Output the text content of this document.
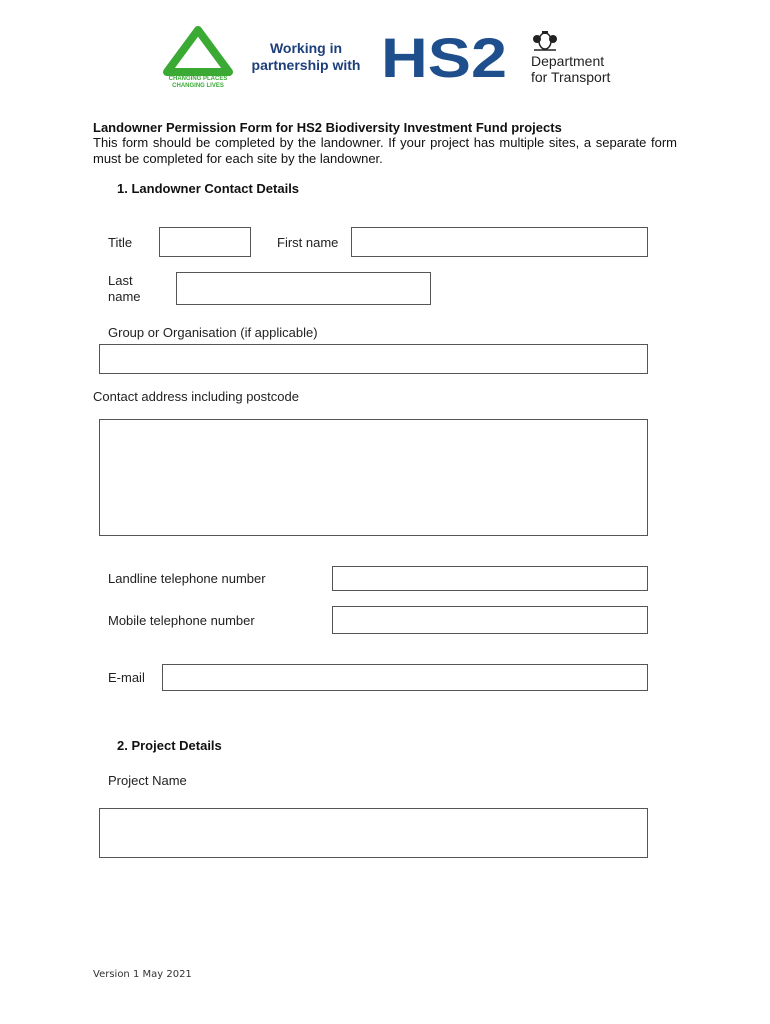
CHANGING PLACES
CHANGING LIVES
Working in
partnership with HS2 Department
for Transport
Landowner Permission Form for HS2 Biodiversity Investment Fund projects
This form should be completed by the landowner. If your project has multiple sites, a separate form must be completed for each site by the landowner.
1. Landowner Contact Details
Title	First name
Last
name
Group or Organisation (if applicable)
Contact address including postcode
Landline telephone number
Mobile telephone number
E-mail
2. Project Details
Project Name
Version 1 May 2021
